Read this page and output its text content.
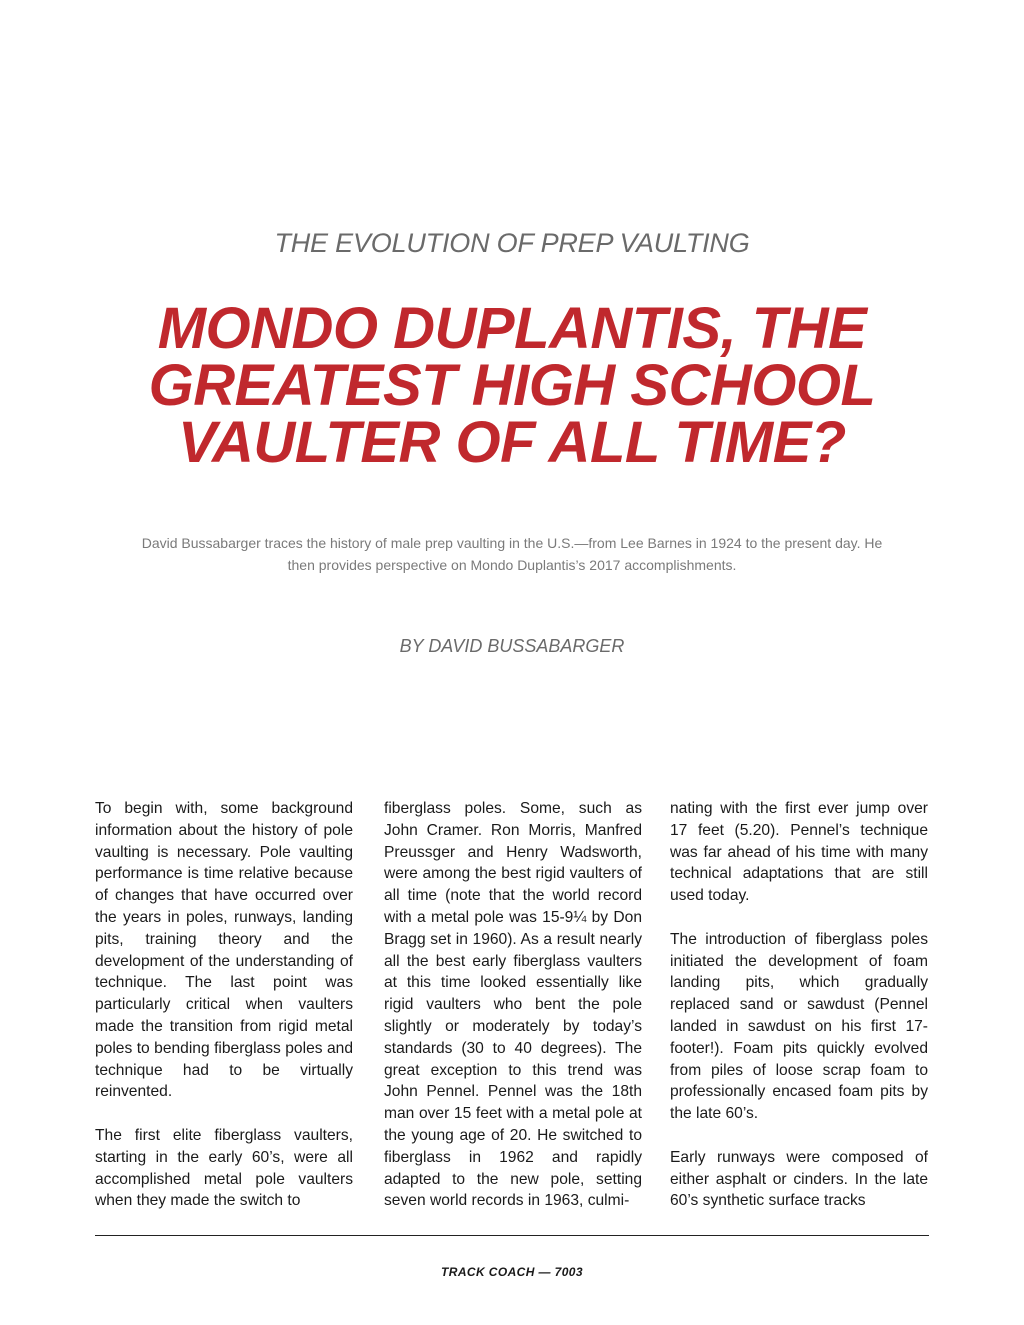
THE EVOLUTION OF PREP VAULTING
MONDO DUPLANTIS, THE
GREATEST HIGH SCHOOL
VAULTER OF ALL TIME?
David Bussabarger traces the history of male prep vaulting in the U.S.—from Lee Barnes in 1924 to the present day. He then provides perspective on Mondo Duplantis’s 2017 accomplishments.
BY DAVID BUSSABARGER

To begin with, some background information about the history of pole vaulting is necessary. Pole vaulting performance is time relative because of changes that have occurred over the years in poles, runways, landing pits, training theory and the development of the understanding of technique. The last point was particularly critical when vaulters made the transition from rigid metal poles to bending fiberglass poles and technique had to be virtually reinvented.

The first elite fiberglass vaulters, starting in the early 60’s, were all accomplished metal pole vaulters when they made the switch to

fiberglass poles. Some, such as John Cramer. Ron Morris, Manfred Preussger and Henry Wadsworth, were among the best rigid vaulters of all time (note that the world record with a metal pole was 15-9¼ by Don Bragg set in 1960). As a result nearly all the best early fiberglass vaulters at this time looked essentially like rigid vaulters who bent the pole slightly or moderately by today’s standards (30 to 40 degrees). The great exception to this trend was John Pennel. Pennel was the 18th man over 15 feet with a metal pole at the young age of 20. He switched to fiberglass in 1962 and rapidly adapted to the new pole, setting seven world records in 1963, culmi-

nating with the first ever jump over 17 feet (5.20). Pennel’s technique was far ahead of his time with many technical adaptations that are still used today.

The introduction of fiberglass poles initiated the development of foam landing pits, which gradually replaced sand or sawdust (Pennel landed in sawdust on his first 17-footer!). Foam pits quickly evolved from piles of loose scrap foam to professionally encased foam pits by the late 60’s.

Early runways were composed of either asphalt or cinders. In the late 60’s synthetic surface tracks

TRACK COACH — 7003
